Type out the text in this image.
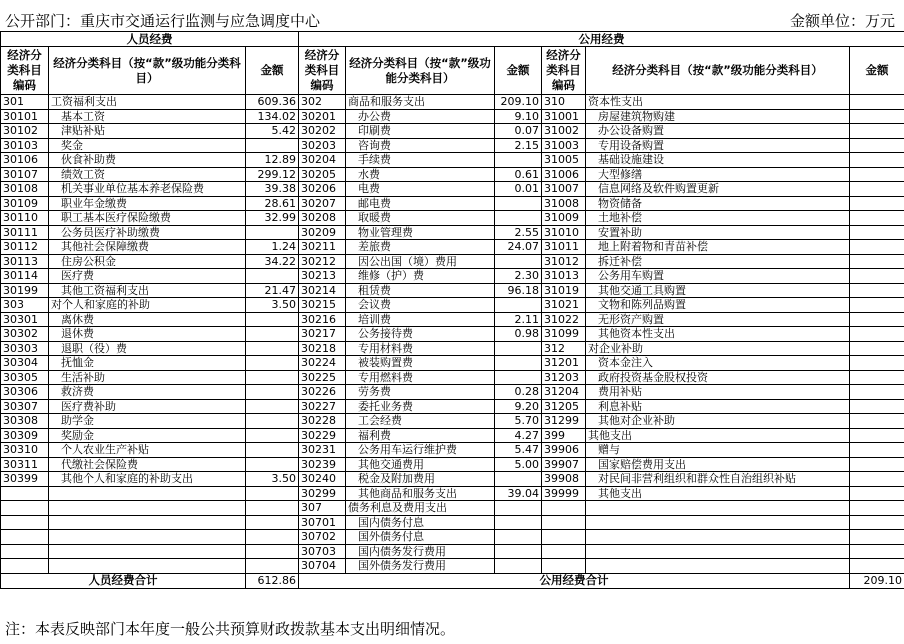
公开部门：重庆市交通运行监测与应急调度中心	金额单位：万元
人员经费			公用经费					
经济分类科目编码	经济分类科目（按“款”级功能分类科目）	金额	经济分类科目编码	经济分类科目（按“款”级功能分类科目）	金额	经济分类科目编码	经济分类科目（按“款”级功能分类科目）	金额
301	工资福利支出	609.36	302	商品和服务支出	209.10	310	资本性支出	
30101	基本工资	134.02	30201	办公费	9.10	31001	房屋建筑物购建	
30102	津贴补贴	5.42	30202	印刷费	0.07	31002	办公设备购置	
30103	奖金		30203	咨询费	2.15	31003	专用设备购置	
30106	伙食补助费	12.89	30204	手续费		31005	基础设施建设	
30107	绩效工资	299.12	30205	水费	0.61	31006	大型修缮	
30108	机关事业单位基本养老保险费	39.38	30206	电费	0.01	31007	信息网络及软件购置更新	
30109	职业年金缴费	28.61	30207	邮电费		31008	物资储备	
30110	职工基本医疗保险缴费	32.99	30208	取暖费		31009	土地补偿	
30111	公务员医疗补助缴费		30209	物业管理费	2.55	31010	安置补助	
30112	其他社会保障缴费	1.24	30211	差旅费	24.07	31011	地上附着物和青苗补偿	
30113	住房公积金	34.22	30212	因公出国（境）费用		31012	拆迁补偿	
30114	医疗费		30213	维修（护）费	2.30	31013	公务用车购置	
30199	其他工资福利支出	21.47	30214	租赁费	96.18	31019	其他交通工具购置	
303	对个人和家庭的补助	3.50	30215	会议费		31021	文物和陈列品购置	
30301	离休费		30216	培训费	2.11	31022	无形资产购置	
30302	退休费		30217	公务接待费	0.98	31099	其他资本性支出	
30303	退职（役）费		30218	专用材料费		312	对企业补助	
30304	抚恤金		30224	被装购置费		31201	资本金注入	
30305	生活补助		30225	专用燃料费		31203	政府投资基金股权投资	
30306	救济费		30226	劳务费	0.28	31204	费用补贴	
30307	医疗费补助		30227	委托业务费	9.20	31205	利息补贴	
30308	助学金		30228	工会经费	5.70	31299	其他对企业补助	
30309	奖励金		30229	福利费	4.27	399	其他支出	
30310	个人农业生产补贴		30231	公务用车运行维护费	5.47	39906	赠与	
30311	代缴社会保险费		30239	其他交通费用	5.00	39907	国家赔偿费用支出	
30399	其他个人和家庭的补助支出	3.50	30240	税金及附加费用		39908	对民间非营利组织和群众性自治组织补贴	
			30299	其他商品和服务支出	39.04	39999	其他支出	
			307	债务利息及费用支出				
			30701	国内债务付息				
			30702	国外债务付息				
			30703	国内债务发行费用				
			30704	国外债务发行费用				
人员经费合计		612.86	公用经费合计					209.10
注：本表反映部门本年度一般公共预算财政拨款基本支出明细情况。
